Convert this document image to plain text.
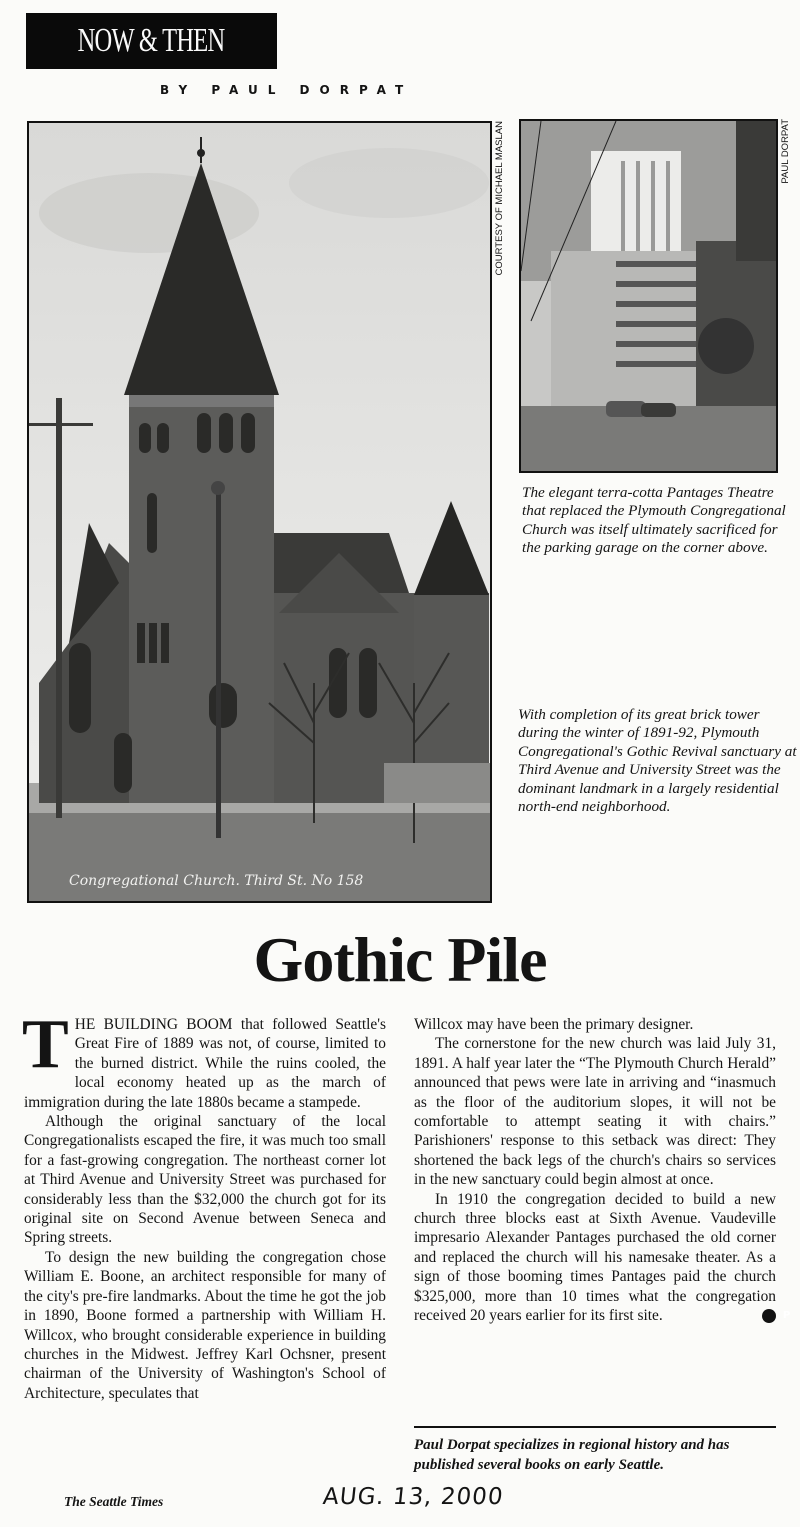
NOW & THEN
BY PAUL DORPAT
Congregational Church. Third St. No 158
COURTESY OF MICHAEL MASLAN	PAUL DORPAT
The elegant terra-cotta Pantages Theatre that replaced the Plymouth Congregational Church was itself ultimately sacrificed for the parking garage on the corner above.
With completion of its great brick tower during the winter of 1891-92, Plymouth Congregational's Gothic Revival sanctuary at Third Avenue and University Street was the dominant landmark in a largely residential north-end neighborhood.
Gothic Pile

THE BUILDING BOOM that followed Seattle's Great Fire of 1889 was not, of course, limited to the burned district. While the ruins cooled, the local economy heated up as the march of immigration during the late 1880s became a stampede.

Although the original sanctuary of the local Congregationalists escaped the fire, it was much too small for a fast-growing congregation. The northeast corner lot at Third Avenue and University Street was purchased for considerably less than the $32,000 the church got for its original site on Second Avenue between Seneca and Spring streets.

To design the new building the congregation chose William E. Boone, an architect responsible for many of the city's pre-fire landmarks. About the time he got the job in 1890, Boone formed a partnership with William H. Willcox, who brought considerable experience in building churches in the Midwest. Jeffrey Karl Ochsner, present chairman of the University of Washington's School of Architecture, speculates that

Willcox may have been the primary designer.

The cornerstone for the new church was laid July 31, 1891. A half year later the “The Plymouth Church Herald” announced that pews were late in arriving and “inasmuch as the floor of the auditorium slopes, it will not be comfortable to attempt seating it with chairs.” Parishioners' response to this setback was direct: They shortened the back legs of the church's chairs so services in the new sanctuary could begin almost at once.

In 1910 the congregation decided to build a new church three blocks east at Sixth Avenue. Vaudeville impresario Alexander Pantages purchased the old corner and replaced the church will his namesake theater. As a sign of those booming times Pantages paid the church $325,000, more than 10 times what the congregation received 20 years earlier for its first site.	P

Paul Dorpat specializes in regional history and has published several books on early Seattle.
The Seattle Times	AUG. 13, 2000
